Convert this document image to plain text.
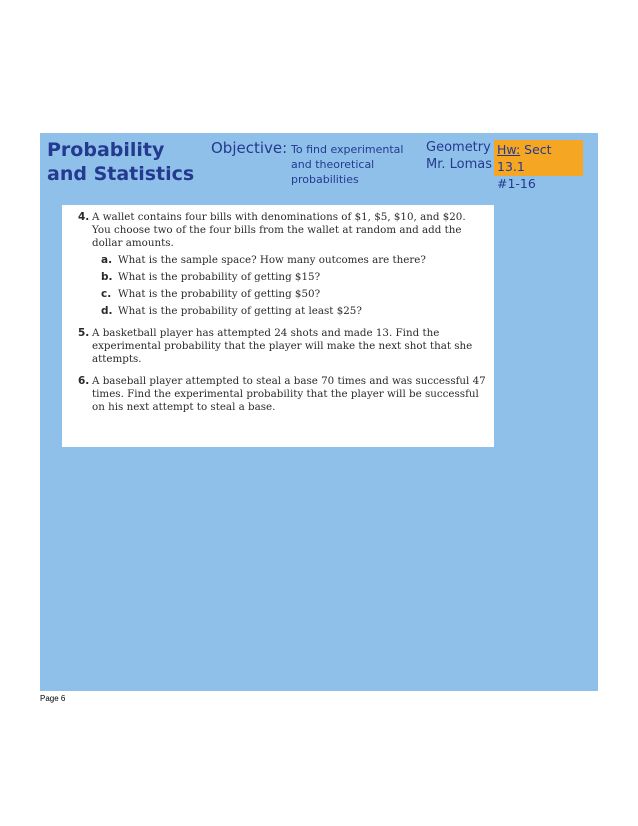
Probability
and Statistics
Objective: To find experimental and theoretical probabilities
Geometry
Mr. Lomas
Hw: Sect 13.1
#1-16
4. A wallet contains four bills with denominations of $1, $5, $10, and $20. You choose two of the four bills from the wallet at random and add the dollar amounts.
a. What is the sample space? How many outcomes are there?
b. What is the probability of getting $15?
c. What is the probability of getting $50?
d. What is the probability of getting at least $25?
5. A basketball player has attempted 24 shots and made 13. Find the experimental probability that the player will make the next shot that she attempts.
6. A baseball player attempted to steal a base 70 times and was successful 47 times. Find the experimental probability that the player will be successful on his next attempt to steal a base.
Page 6
